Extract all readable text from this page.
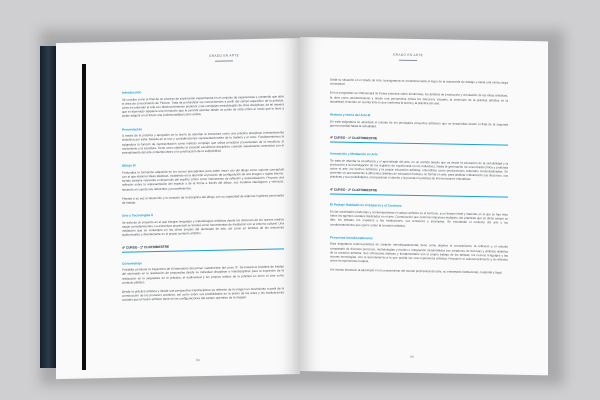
GRADO EN ARTE
Introducción

Se concibe como el final de un proceso de exploración experimental en el conjunto de experiencias y contenido que abre el área de conocimiento de Pintura. Trata de profundizar los conocimientos a partir del campo específico de la práctica, cómo es entender el arte con desenvolvimiento posterior y las complejas metodologías de otras disciplinas, de tal manera que el alumnado adquiera una formación que le permita abordar desde un punto de vista crítico el modo que le lleve a poder adquirir en el futuro una profesionalidad como artista.

Presentación

A través de la práctica y apoyados en la teoría se abordan la estructura como una práctica disciplinar eminentemente simbólica por estar basada en el uso y consideraciones representacionales de la materia y el color. Fundamentamos la asignatura la función de representación como método complejo que utiliza principios provenientes de la escultura, el movimiento y la escultura. Tiene como objetivo la creación escultórica disciplinar, creando nuevamente contenidos con el entendimiento del arte contemporáneo y la construcción de la subjetividad.

Dibujo III

Profundiza la formación adquirida en los cursos precedentes para saber hacer uso del dibujo como soporte conceptual con el que elaborar ideas plásticas, incidiendo en la atención al proceso de configuración de una imagen o sujeto interno, siendo siempre relevante el desarrollo del espíritu crítico como instrumento de reflexión y autoevaluación. Propone una reflexión sobre la representación del espacio y de la forma a través del dibujo, sus modelos ideológicos y retóricos, teniendo en cuenta sus referentes y procedimientos.

Plantea a su vez el desarrollo y la creación de la disciplina del dibujo con su capacidad de elaborar hipótesis personales de trabajo.

Arte y Tecnologías II

Se trata de un proyecto en el que integrar lenguajes y metodologías artísticas desde los discursos de los nuevos medios según consideraciones. La estructura proyectual se tomará como herramientas de mediación con el entorno cultural. Una mediación que se contempla en las obras propias del alumnado de arte, así como en ámbitos de las relaciones audiovisuales y directamente en el propio contexto artístico.

4º CURSO - 1º CUATRIMESTRE
Cortometraje

Posibilita continuar la trayectoria de él laboratorio del primer cuatrimestre del curso 3º. Se basará la iniciativa de trabajo del alumnado en la realización de propuestas desde su individual disciplinar e interdisciplinar para la expresión de la realización en la asignatura en la práctica, el audiovisual y los propios relatos de la práctica en torno al cine como contexto plástico.

Desde la práctica artística y desde una perspectiva interdisciplinar se reflexión de la imagen en movimiento a partir de la construcción de los procesos creativos, así como sobre sus posibilidades en la praxis de las artes y las implicaciones sociales que el hecho artístico tiene en las configuraciones del campo operativo de la imagen.

84
GRADO EN ARTE

Dada su situación en el Grado de Arte, la asignatura se encamina hacia el logro de la autonomía de trabajo y hacia una cierta carga conceptual.

En los programas se reflexionará de forma colectiva sobre tendencias, los ámbitos de producción y circulación de las ideas artísticas, la obra como acontecimiento y desde una perspectiva crítica los discursos visuales, la inmersión de la práctica artística en la actualidad, teniendo en cuenta todo lo que conforma la teoría y la práctica del arte.

Historia y teoría del Arte III

En esta asignatura se abordará el estudio de los principales proyectos artísticos que se desarrollan desde el final de la segunda guerra mundial hasta la actualidad.

4º CURSO - 1º CUATRIMESTRE
Innovación y Mediación en Arte

Se trata de abordar la enseñanza y el aprendizaje del arte, en un sentido amplio que va desde la educación de la sensibilidad y la producción a la investigación de los registros de experiencia en los individuos, hasta la generación de una mirada crítica y profunda sobre el arte, los hechos artísticos y la propia educación artística, entendidos como producciones culturales contextualizadas. Se pretende un acercamiento a diferentes ámbitos de educación formal y no formal en arte, para analizar críticamente sus discursos, sus prácticas y sus posibilidades, incorporando el diseño y la puesta en práctica de intervenciones educativas.

4º CURSO - 2º CUATRIMESTRE
El Paisaje Habitado en el Espacio y el Contexto

En las sociedades modernas y contemporáneas el campo artístico es el territorio, a un tiempo ideal y material, en el que se han visto todos los agentes sociales implicados en el arte. Construcción que encierra relaciones múltiples, las prácticas que en dicho campo se dan, los artistas, los espacios y las instituciones, sus tensiones y jerarquías. Se estudiarán el contexto del arte y los condicionamientos que ejerce sobre la creación artística.

Proyectos Interdisciplinares

Esta asignatura teórico-práctica de carácter interdepartamental, tiene como objetivo el conocimiento, la reflexión y el estudio comparado de diversos procesos, metodologías y modos e integración desarrollados por creadores de diversas y ámbitos distintos de la creación artística. Sus referencias básicas y fundamentales son el propio trabajo de los artistas, los nuevos lenguajes y las nuevas tecnologías, con el acercamiento a lo que podría ser una experiencia artística. Proponen el autoconocimiento y la reflexión sobre la experiencia creativa.

Así mismo introducir al alumnado en el conocimiento del mundo profesional del arte, su entramado institucional, curatorial y legal.

85
